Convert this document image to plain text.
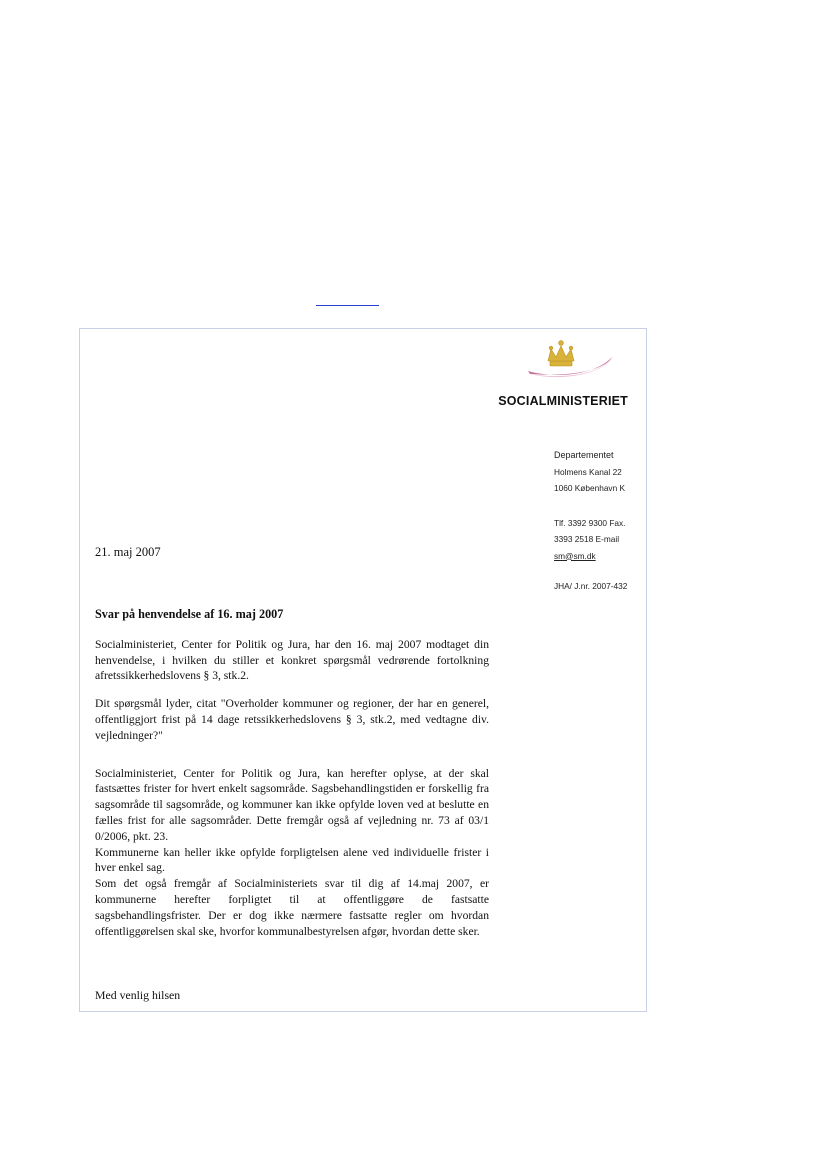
SOCIALMINISTERIET
Departementet
Holmens Kanal 22
1060 København K
Tlf. 3392 9300 Fax.
3393 2518 E-mail
sm@sm.dk
JHA/ J.nr. 2007-432
21. maj 2007

Svar på henvendelse af 16. maj 2007

Socialministeriet, Center for Politik og Jura, har den 16. maj 2007 modtaget din henvendelse, i hvilken du stiller et konkret spørgsmål vedrørende fortolkning afretssikkerhedslovens § 3, stk.2.

Dit spørgsmål lyder, citat "Overholder kommuner og regioner, der har en generel, offentliggjort frist på 14 dage retssikkerhedslovens § 3, stk.2, med vedtagne div. vejledninger?"

Socialministeriet, Center for Politik og Jura, kan herefter oplyse, at der skal fastsættes frister for hvert enkelt sagsområde. Sagsbehandlingstiden er forskellig fra sagsområde til sagsområde, og kommuner kan ikke opfylde loven ved at beslutte en fælles frist for alle sagsområder. Dette fremgår også af vejledning nr. 73 af 03/1 0/2006, pkt. 23.

Kommunerne kan heller ikke opfylde forpligtelsen alene ved individuelle frister i hver enkel sag.

Som det også fremgår af Socialministeriets svar til dig af 14.maj 2007, er kommunerne herefter forpligtet til at offentliggøre de fastsatte sagsbehandlingsfrister. Der er dog ikke nærmere fastsatte regler om hvordan offentliggørelsen skal ske, hvorfor kommunalbestyrelsen afgør, hvordan dette sker.

Med venlig hilsen
